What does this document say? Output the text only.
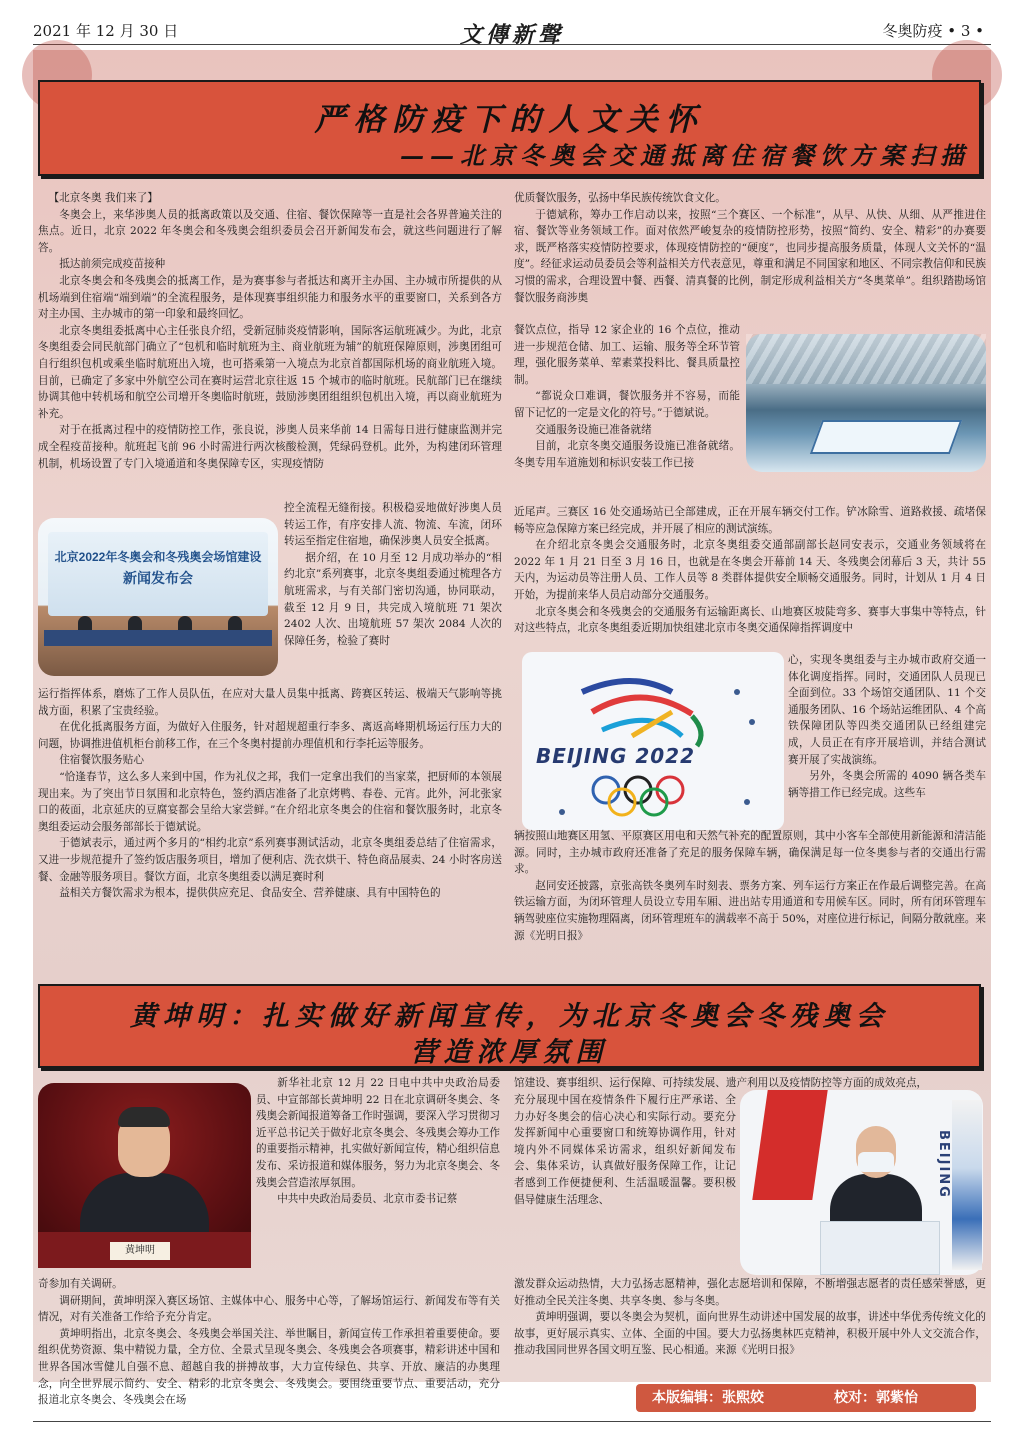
2021 年 12 月 30 日	文傳新聲	冬奥防疫 • 3 •
严格防疫下的人文关怀
——北京冬奥会交通抵离住宿餐饮方案扫描

【北京冬奥 我们来了】

冬奥会上，来华涉奥人员的抵离政策以及交通、住宿、餐饮保障等一直是社会各界普遍关注的焦点。近日，北京 2022 年冬奥会和冬残奥会组织委员会召开新闻发布会，就这些问题进行了解答。

抵达前须完成疫苗接种

北京冬奥会和冬残奥会的抵离工作，是为赛事参与者抵达和离开主办国、主办城市所提供的从机场端到住宿端“端到端”的全流程服务，是体现赛事组织能力和服务水平的重要窗口，关系到各方对主办国、主办城市的第一印象和最终回忆。

北京冬奥组委抵离中心主任张良介绍，受新冠肺炎疫情影响，国际客运航班减少。为此，北京冬奥组委会同民航部门确立了“包机和临时航班为主、商业航班为辅”的航班保障原则，涉奥团组可自行组织包机或乘坐临时航班出入境，也可搭乘第一入境点为北京首都国际机场的商业航班入境。目前，已确定了多家中外航空公司在赛时运营北京往返 15 个城市的临时航班。民航部门已在继续协调其他中转机场和航空公司增开冬奥临时航班，鼓励涉奥团组组织包机出入境，再以商业航班为补充。

对于在抵离过程中的疫情防控工作，张良说，涉奥人员来华前 14 日需每日进行健康监测并完成全程疫苗接种。航班起飞前 96 小时需进行两次核酸检测，凭绿码登机。此外，为构建闭环管理机制，机场设置了专门入境通道和冬奥保障专区，实现疫情防

北京2022年冬奥会和冬残奥会场馆建设
新闻发布会

控全流程无缝衔接。积极稳妥地做好涉奥人员转运工作，有序安排人流、物流、车流，闭环转运至指定住宿地，确保涉奥人员安全抵离。

据介绍，在 10 月至 12 月成功举办的“相约北京”系列赛事，北京冬奥组委通过梳理各方航班需求，与有关部门密切沟通，协同联动，截至 12 月 9 日，共完成入境航班 71 架次 2402 人次、出境航班 57 架次 2084 人次的保障任务，检验了赛时

运行指挥体系，磨炼了工作人员队伍，在应对大量人员集中抵离、跨赛区转运、极端天气影响等挑战方面，积累了宝贵经验。

在优化抵离服务方面，为做好入住服务，针对超规超重行李多、离返高峰期机场运行压力大的问题，协调推进值机柜台前移工作，在三个冬奥村提前办理值机和行李托运等服务。

住宿餐饮服务贴心

“恰逢春节，这么多人来到中国，作为礼仪之邦，我们一定拿出我们的当家菜，把厨师的本领展现出来。为了突出节日氛围和北京特色，签约酒店准备了北京烤鸭、春卷、元宵。此外，河北张家口的莜面，北京延庆的豆腐宴都会呈给大家尝鲜。”在介绍北京冬奥会的住宿和餐饮服务时，北京冬奥组委运动会服务部部长于德斌说。

于德斌表示，通过两个多月的“相约北京”系列赛事测试活动，北京冬奥组委总结了住宿需求，又进一步规范提升了签约饭店服务项目，增加了便利店、洗衣烘干、特色商品展卖、24 小时客房送餐、金融等服务项目。餐饮方面，北京冬奥组委以满足赛时利

益相关方餐饮需求为根本，提供供应充足、食品安全、营养健康、具有中国特色的

优质餐饮服务，弘扬中华民族传统饮食文化。

于德斌称，筹办工作启动以来，按照“三个赛区、一个标准”，从早、从快、从细、从严推进住宿、餐饮等业务领域工作。面对依然严峻复杂的疫情防控形势，按照“简约、安全、精彩”的办赛要求，既严格落实疫情防控要求，体现疫情防控的“硬度”，也同步提高服务质量，体现人文关怀的“温度”。经征求运动员委员会等利益相关方代表意见，尊重和满足不同国家和地区、不同宗教信仰和民族习惯的需求，合理设置中餐、西餐、清真餐的比例，制定形成利益相关方“冬奥菜单”。组织踏勘场馆餐饮服务商涉奥

餐饮点位，指导 12 家企业的 16 个点位，推动进一步规范仓储、加工、运输、服务等全环节管理，强化服务菜单、荤素菜投料比、餐具质量控制。

“都说众口难调，餐饮服务并不容易，而能留下记忆的一定是文化的符号。”于德斌说。

交通服务设施已准备就绪

目前，北京冬奥交通服务设施已准备就绪。冬奥专用车道施划和标识安装工作已接

近尾声。三赛区 16 处交通场站已全部建成，正在开展车辆交付工作。铲冰除雪、道路救援、疏堵保畅等应急保障方案已经完成，并开展了相应的测试演练。

在介绍北京冬奥会交通服务时，北京冬奥组委交通部副部长赵同安表示，交通业务领域将在 2022 年 1 月 21 日至 3 月 16 日，也就是在冬奥会开幕前 14 天、冬残奥会闭幕后 3 天，共计 55 天内，为运动员等注册人员、工作人员等 8 类群体提供安全顺畅交通服务。同时，计划从 1 月 4 日开始，为提前来华人员启动部分交通服务。

北京冬奥会和冬残奥会的交通服务有运输距离长、山地赛区坡陡弯多、赛事大事集中等特点，针对这些特点，北京冬奥组委近期加快组建北京市冬奥交通保障指挥调度中

BEIJING 2022

心，实现冬奥组委与主办城市政府交通一体化调度指挥。同时，交通团队人员现已全面到位。33 个场馆交通团队、11 个交通服务团队、16 个场站运维团队、4 个高铁保障团队等四类交通团队已经组建完成，人员正在有序开展培训，并结合测试赛开展了实战演练。

另外，冬奥会所需的 4090 辆各类车辆等措工作已经完成。这些车

辆按照山地赛区用氢、平原赛区用电和天然气补充的配置原则，其中小客车全部使用新能源和清洁能源。同时，主办城市政府还准备了充足的服务保障车辆，确保满足每一位冬奥参与者的交通出行需求。

赵同安还披露，京张高铁冬奥列车时刻表、票务方案、列车运行方案正在作最后调整完善。在高铁运输方面，为闭环管理人员设立专用车厢、进出站专用通道和专用候车区。同时，所有闭环管理车辆驾驶座位实施物理隔离，闭环管理班车的满载率不高于 50%，对座位进行标记，间隔分散就座。来源《光明日报》

黄坤明：扎实做好新闻宣传，为北京冬奥会冬残奥会
营造浓厚氛围
黄坤明

新华社北京 12 月 22 日电中共中央政治局委员、中宣部部长黄坤明 22 日在北京调研冬奥会、冬残奥会新闻报道筹备工作时强调，要深入学习贯彻习近平总书记关于做好北京冬奥会、冬残奥会筹办工作的重要指示精神，扎实做好新闻宣传，精心组织信息发布、采访报道和媒体服务，努力为北京冬奥会、冬残奥会营造浓厚氛围。

中共中央政治局委员、北京市委书记蔡

奇参加有关调研。

调研期间，黄坤明深入赛区场馆、主媒体中心、服务中心等，了解场馆运行、新闻发布等有关情况，对有关准备工作给予充分肯定。

黄坤明指出，北京冬奥会、冬残奥会举国关注、举世瞩目，新闻宣传工作承担着重要使命。要组织优势资源、集中精锐力量，全方位、全景式呈现冬奥会、冬残奥会各项赛事，精彩讲述中国和世界各国冰雪健儿自强不息、超越自我的拼搏故事，大力宣传绿色、共享、开放、廉洁的办奥理念，向全世界展示简约、安全、精彩的北京冬奥会、冬残奥会。要围绕重要节点、重要活动，充分报道北京冬奥会、冬残奥会在场

馆建设、赛事组织、运行保障、可持续发展、遗产利用以及疫情防控等方面的成效亮点，

充分展现中国在疫情条件下履行庄严承诺、全力办好冬奥会的信心决心和实际行动。要充分发挥新闻中心重要窗口和统筹协调作用，针对境内外不同媒体采访需求，组织好新闻发布会、集体采访，认真做好服务保障工作，让记者感到工作便捷便利、生活温暖温馨。要积极倡导健康生活理念、

BEIJING

激发群众运动热情，大力弘扬志愿精神，强化志愿培训和保障，不断增强志愿者的责任感荣誉感，更好推动全民关注冬奥、共享冬奥、参与冬奥。

黄坤明强调，要以冬奥会为契机，面向世界生动讲述中国发展的故事，讲述中华优秀传统文化的故事，更好展示真实、立体、全面的中国。要大力弘扬奥林匹克精神，积极开展中外人文交流合作，推动我国同世界各国文明互鉴、民心相通。来源《光明日报》

本版编辑：张熙姣	校对：郭紫怡
